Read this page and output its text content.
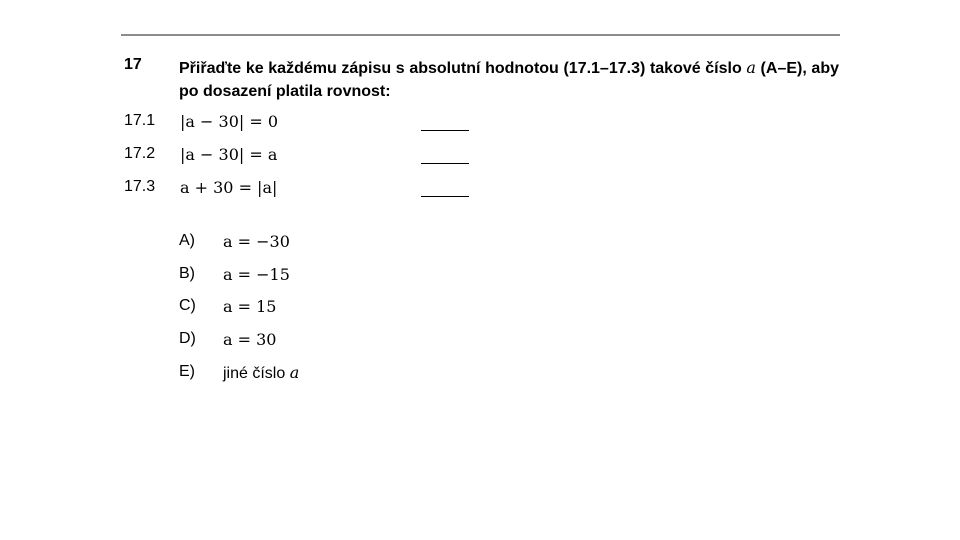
17 Přiřaďte ke každému zápisu s absolutní hodnotou (17.1–17.3) takové číslo a (A–E), aby po dosazení platila rovnost:
17.1 |a − 30| = 0
17.2 |a − 30| = a
17.3 a + 30 = |a|
A) a = −30
B) a = −15
C) a = 15
D) a = 30
E) jiné číslo a
